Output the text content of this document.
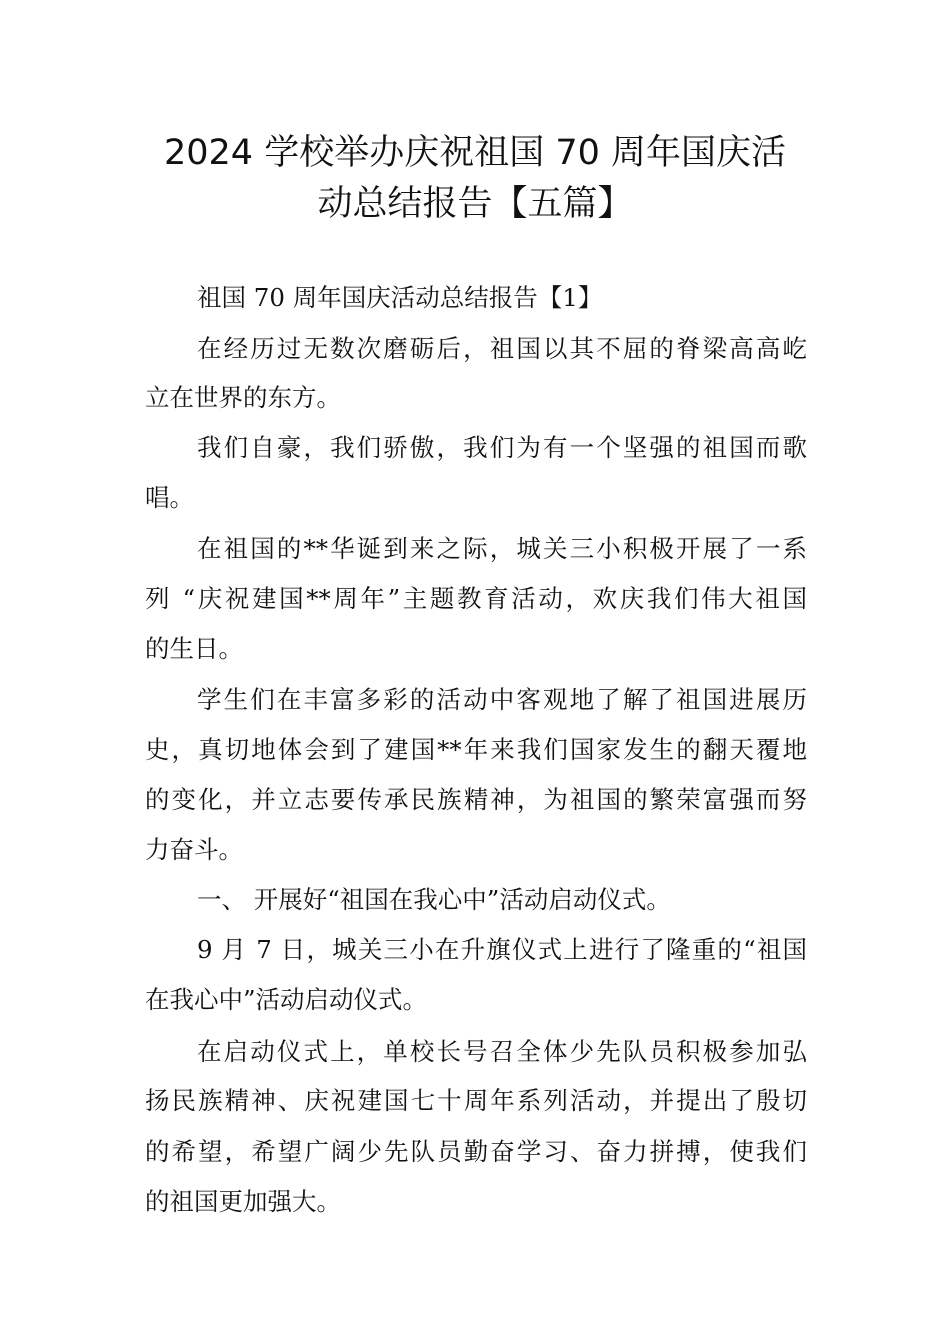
2024 学校举办庆祝祖国 70 周年国庆活
动总结报告【五篇】
祖国 70 周年国庆活动总结报告【1】
在经历过无数次磨砺后，祖国以其不屈的脊梁高高屹
立在世界的东方。
我们自豪，我们骄傲，我们为有一个坚强的祖国而歌
唱。
在祖国的**华诞到来之际，城关三小积极开展了一系
列 “庆祝建国**周年”主题教育活动，欢庆我们伟大祖国
的生日。
学生们在丰富多彩的活动中客观地了解了祖国进展历
史，真切地体会到了建国**年来我们国家发生的翻天覆地
的变化，并立志要传承民族精神，为祖国的繁荣富强而努
力奋斗。
一、 开展好“祖国在我心中”活动启动仪式。
9 月 7 日，城关三小在升旗仪式上进行了隆重的“祖国
在我心中”活动启动仪式。
在启动仪式上，单校长号召全体少先队员积极参加弘
扬民族精神、庆祝建国七十周年系列活动，并提出了殷切
的希望，希望广阔少先队员勤奋学习、奋力拼搏，使我们
的祖国更加强大。
